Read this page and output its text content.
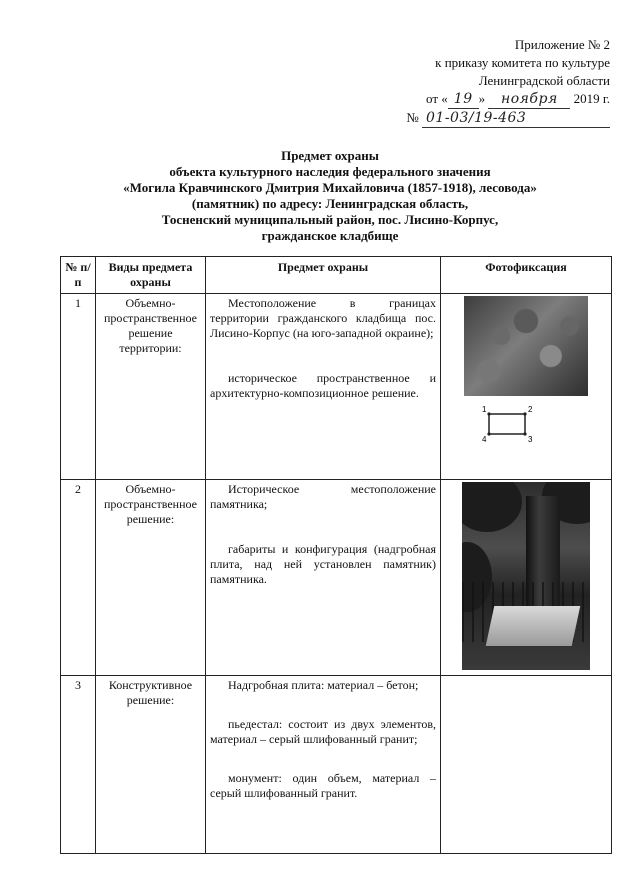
Приложение № 2
к приказу комитета по культуре
Ленинградской области
от « 19 » ноября 2019 г.
№ 01-03/19-463
Предмет охраны
объекта культурного наследия федерального значения
«Могила Кравчинского Дмитрия Михайловича (1857-1918), лесовода»
(памятник) по адресу: Ленинградская область,
Тосненский муниципальный район, пос. Лисино-Корпус,
гражданское кладбище
№ п/п	Виды предмета охраны	Предмет охраны	Фотофиксация
1	Объемно-пространственное решение территории:	Местоположение в границах территории гражданского кладбища пос. Лисино-Корпус (на юго-западной окраине);
историческое пространственное и архитектурно-композиционное решение.	1 2
3
4

2	Объемно-пространственное решение:	Историческое местоположение памятника;
габариты и конфигурация (надгробная плита, над ней установлен памятник) памятника.	

3	Конструктивное решение:	Надгробная плита: материал – бетон;
пьедестал: состоит из двух элементов, материал – серый шлифованный гранит;
монумент: один объем, материал – серый шлифованный гранит.	
